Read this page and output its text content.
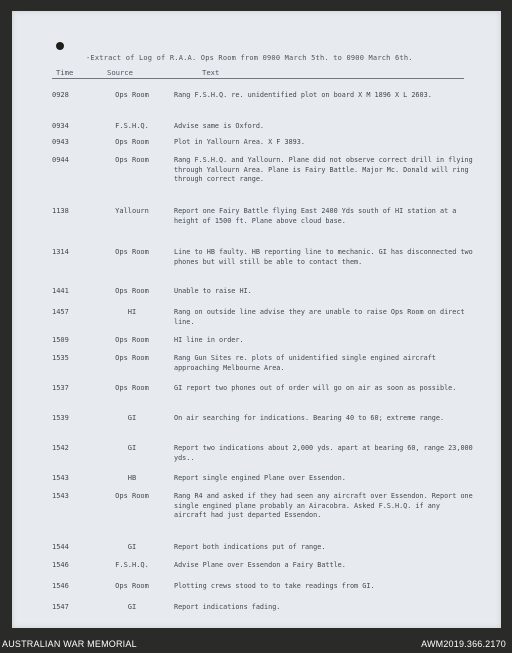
-Extract of Log of R.A.A. Ops Room from 0900 March 5th. to 0900 March 6th.
Time	Source	Text
0928	Ops Room	Rang F.S.H.Q. re. unidentified plot on board X M 1896 X L 2603.
0934	F.S.H.Q.	Advise same is Oxford.
0943	Ops Room	Plot in Yallourn Area. X F 3893.
0944	Ops Room	Rang F.S.H.Q. and Yallourn. Plane did not observe correct drill in flying through Yallourn Area. Plane is Fairy Battle. Major Mc. Donald will ring through correct range.
1138	Yallourn	Report one Fairy Battle flying East 2400 Yds south of HI station at a height of 1500 ft. Plane above cloud base.
1314	Ops Room	Line to HB faulty. HB reporting line to mechanic. GI has disconnected two phones but will still be able to contact them.
1441	Ops Room	Unable to raise HI.
1457	HI	Rang on outside line advise they are unable to raise Ops Room on direct line.
1509	Ops Room	HI line in order.
1535	Ops Room	Rang Gun Sites re. plots of unidentified single engined aircraft approaching Melbourne Area.
1537	Ops Room	GI report two phones out of order will go on air as soon as possible.
1539	GI	On air searching for indications. Bearing 40 to 60; extreme range.
1542	GI	Report two indications about 2,000 yds. apart at bearing 60, range 23,000 yds..
1543	HB	Report single engined Plane over Essendon.
1543	Ops Room	Rang R4 and asked if they had seen any aircraft over Essendon. Report one single engined plane probably an Airacobra. Asked F.S.H.Q. if any aircraft had just departed Essendon.
1544	GI	Report both indications put of range.
1546	F.S.H.Q.	Advise Plane over Essendon a Fairy Battle.
1546	Ops Room	Plotting crews stood to to take readings from GI.
1547	GI	Report indications fading.
AUSTRALIAN WAR MEMORIAL	AWM2019.366.2170
